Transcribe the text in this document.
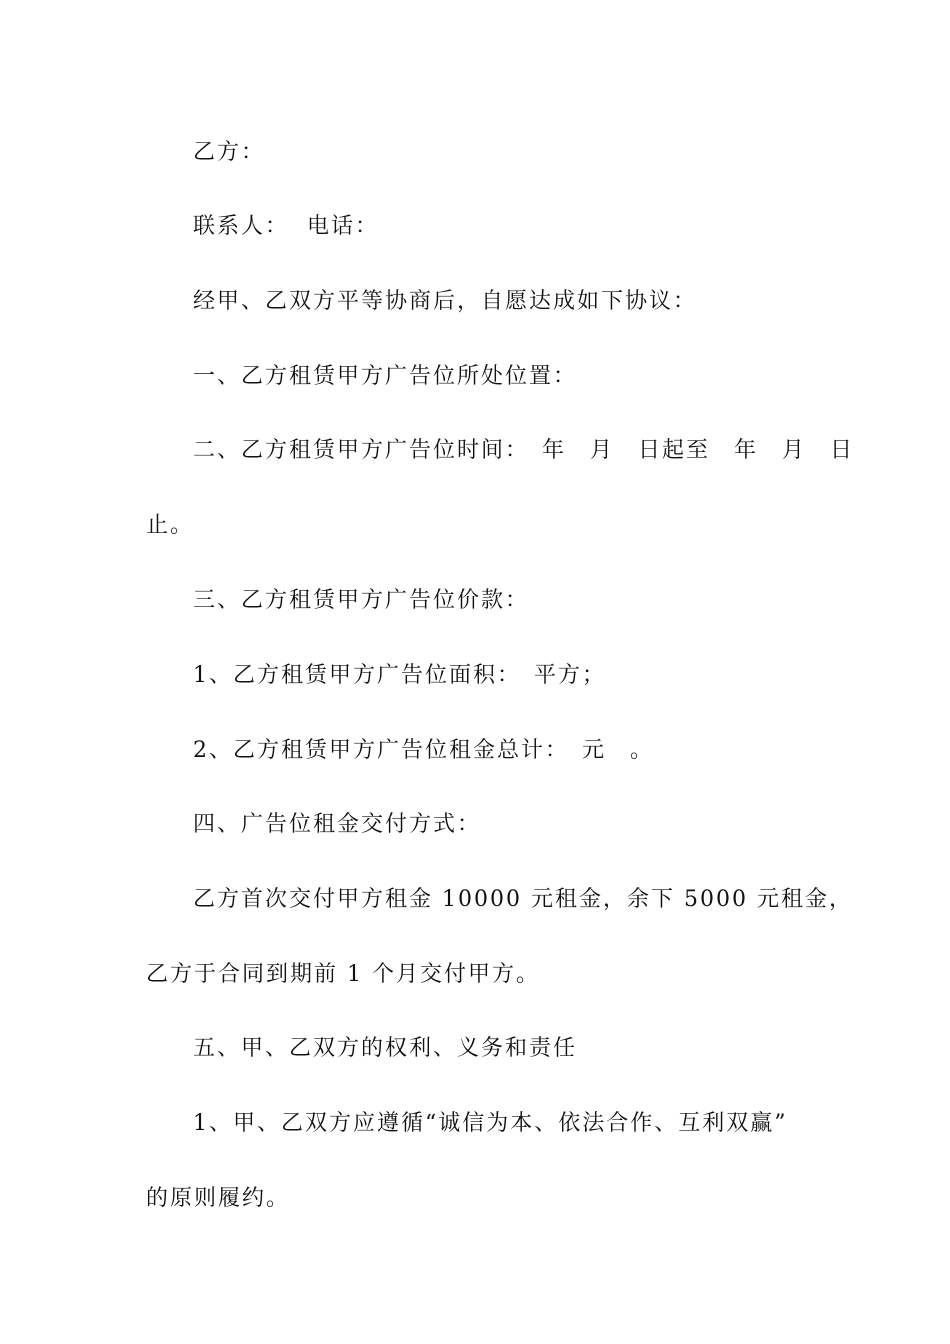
乙方：
联系人： 电话：
经甲、乙双方平等协商后，自愿达成如下协议：
一、乙方租赁甲方广告位所处位置：
二、乙方租赁甲方广告位时间：　年　月　日起至　年　月　日
止。
三、乙方租赁甲方广告位价款：
1、乙方租赁甲方广告位面积：　平方；
2、乙方租赁甲方广告位租金总计：　元　。
四、广告位租金交付方式：
乙方首次交付甲方租金 10000 元租金，余下 5000 元租金，
乙方于合同到期前 1 个月交付甲方。
五、甲、乙双方的权利、义务和责任
1、甲、乙双方应遵循“诚信为本、依法合作、互利双赢”
的原则履约。
